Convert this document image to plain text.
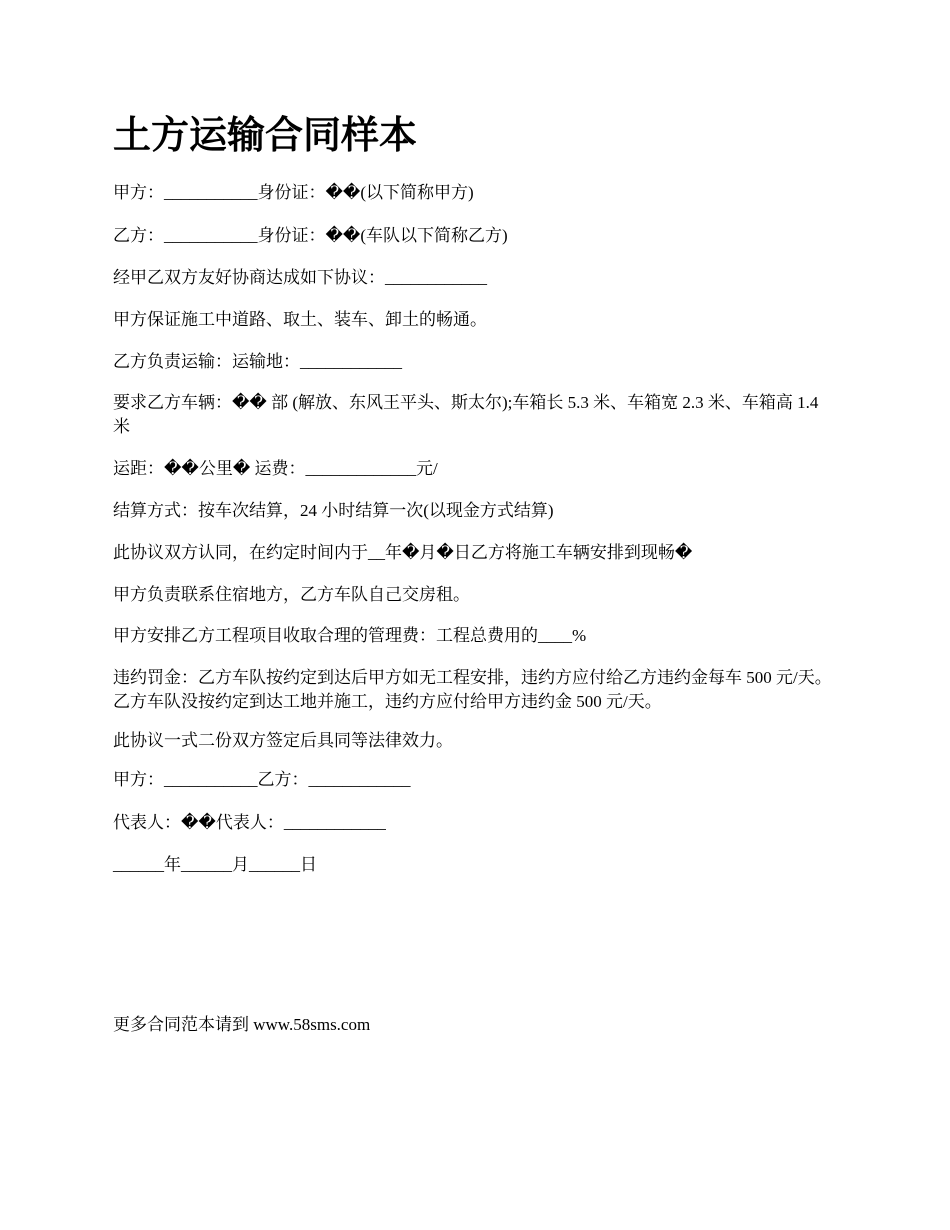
土方运输合同样本

甲方：___________身份证：��(以下简称甲方)

乙方：___________身份证：��(车队以下简称乙方)

经甲乙双方友好协商达成如下协议：____________

甲方保证施工中道路、取土、装车、卸土的畅通。

乙方负责运输：运输地：____________

要求乙方车辆：�� 部 (解放、东风王平头、斯太尔);车箱长 5.3 米、车箱宽 2.3 米、车箱高 1.4 米

运距：��公里� 运费：_____________元/

结算方式：按车次结算，24 小时结算一次(以现金方式结算)

此协议双方认同，在约定时间内于__年�月�日乙方将施工车辆安排到现畅�

甲方负责联系住宿地方，乙方车队自己交房租。

甲方安排乙方工程项目收取合理的管理费：工程总费用的____%

违约罚金：乙方车队按约定到达后甲方如无工程安排，违约方应付给乙方违约金每车 500 元/天。乙方车队没按约定到达工地并施工，违约方应付给甲方违约金 500 元/天。

此协议一式二份双方签定后具同等法律效力。

甲方：___________乙方：____________

代表人：��代表人：____________

______年______月______日

更多合同范本请到 www.58sms.com
